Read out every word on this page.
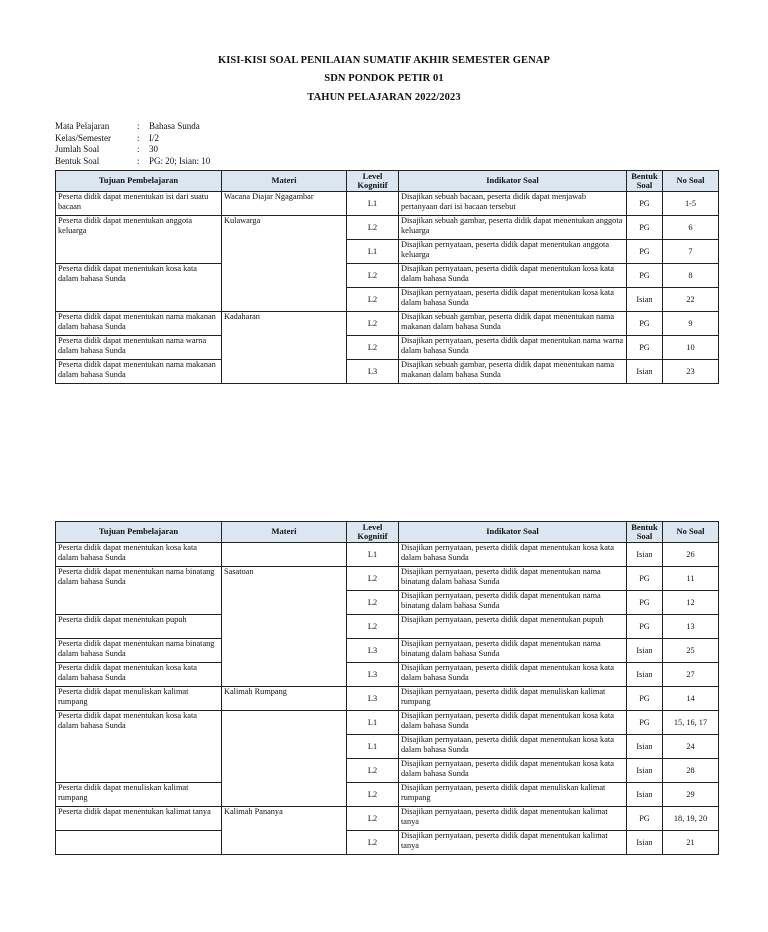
KISI-KISI SOAL PENILAIAN SUMATIF AKHIR SEMESTER GENAP
SDN PONDOK PETIR 01
TAHUN PELAJARAN 2022/2023
Mata Pelajaran	:	Bahasa Sunda
Kelas/Semester	:	I/2
Jumlah Soal	:	30
Bentuk Soal	:	PG: 20; Isian: 10
Tujuan Pembelajaran	Materi	Level Kognitif	Indikator Soal	Bentuk Soal	No Soal
Peserta didik dapat menentukan isi dari suatu bacaan	Wacana Diajar Ngagambar	L1	Disajikan sebuah bacaan, peserta didik dapat menjawab pertanyaan dari isi bacaan tersebut	PG	1-5
Peserta didik dapat menentukan anggota keluarga	Kulawarga	L2	Disajikan sebuah gambar, peserta didik dapat menentukan anggota keluarga	PG	6
		L1	Disajikan pernyataan, peserta didik dapat menentukan anggota keluarga	PG	7
Peserta didik dapat menentukan kosa kata dalam bahasa Sunda		L2	Disajikan pernyataan, peserta didik dapat menentukan kosa kata dalam bahasa Sunda	PG	8
		L2	Disajikan pernyataan, peserta didik dapat menentukan kosa kata dalam bahasa Sunda	Isian	22
Peserta didik dapat menentukan nama makanan dalam bahasa Sunda	Kadaharan	L2	Disajikan sebuah gambar, peserta didik dapat menentukan nama makanan dalam bahasa Sunda	PG	9
Peserta didik dapat menentukan nama warna dalam bahasa Sunda		L2	Disajikan pernyataan, peserta didik dapat menentukan nama warna dalam bahasa Sunda	PG	10
Peserta didik dapat menentukan nama makanan dalam bahasa Sunda		L3	Disajikan sebuah gambar, peserta didik dapat menentukan nama makanan dalam bahasa Sunda	Isian	23
Tujuan Pembelajaran	Materi	Level Kognitif	Indikator Soal	Bentuk Soal	No Soal
Peserta didik dapat menentukan kosa kata dalam bahasa Sunda		L1	Disajikan pernyataan, peserta didik dapat menentukan kosa kata dalam bahasa Sunda	Isian	26
Peserta didik dapat menentukan nama binatang dalam bahasa Sunda	Sasatoan	L2	Disajikan pernyataan, peserta didik dapat menentukan nama binatang dalam bahasa Sunda	PG	11
		L2	Disajikan pernyataan, peserta didik dapat menentukan nama binatang dalam bahasa Sunda	PG	12
Peserta didik dapat menentukan pupuh		L2	Disajikan pernyataan, peserta didik dapat menentukan pupuh	PG	13
Peserta didik dapat menentukan nama binatang dalam bahasa Sunda		L3	Disajikan pernyataan, peserta didik dapat menentukan nama binatang dalam bahasa Sunda	Isian	25
Peserta didik dapat menentukan kosa kata dalam bahasa Sunda		L3	Disajikan pernyataan, peserta didik dapat menentukan kosa kata dalam bahasa Sunda	Isian	27
Peserta didik dapat menuliskan kalimat rumpang	Kalimah Rumpang	L3	Disajikan pernyataan, peserta didik dapat menuliskan kalimat rumpang	PG	14
Peserta didik dapat menentukan kosa kata dalam bahasa Sunda		L1	Disajikan pernyataan, peserta didik dapat menentukan kosa kata dalam bahasa Sunda	PG	15, 16, 17
		L1	Disajikan pernyataan, peserta didik dapat menentukan kosa kata dalam bahasa Sunda	Isian	24
		L2	Disajikan pernyataan, peserta didik dapat menentukan kosa kata dalam bahasa Sunda	Isian	28
Peserta didik dapat menuliskan kalimat rumpang		L2	Disajikan pernyataan, peserta didik dapat menuliskan kalimat rumpang	Isian	29
Peserta didik dapat menentukan kalimat tanya	Kalimah Pananya	L2	Disajikan pernyataan, peserta didik dapat menentukan kalimat tanya	PG	18, 19, 20
		L2	Disajikan pernyataan, peserta didik dapat menentukan kalimat tanya	Isian	21
